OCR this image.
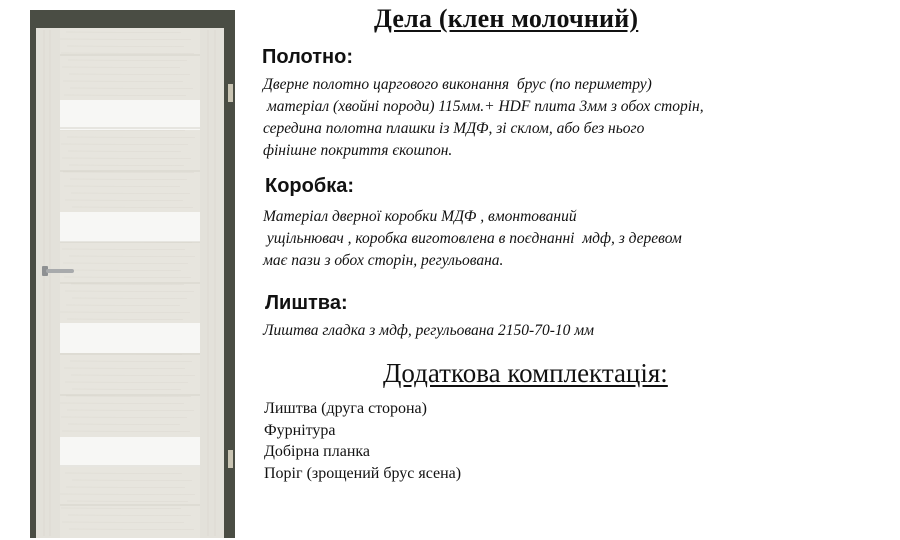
Дела (клен молочний)
Полотно:
Дверне полотно царгового виконання  брус (по периметру)
матеріал (хвойні породи) 115мм.+ HDF плита 3мм з обох сторін,
середина полотна плашки із МДФ, зі склом, або без нього
фінішне покриття єкошпон.
Коробка:
Матеріал дверної коробки МДФ , вмонтований
ущільнювач , коробка виготовлена в поєднанні  мдф, з деревом
має пази з обох сторін, регульована.
Лиштва:
Лиштва гладка з мдф, регульована 2150-70-10 мм
Додаткова комплектація:
Лиштва (друга сторона)
Фурнітура
Добірна планка
Поріг (зрощений брус ясена)
